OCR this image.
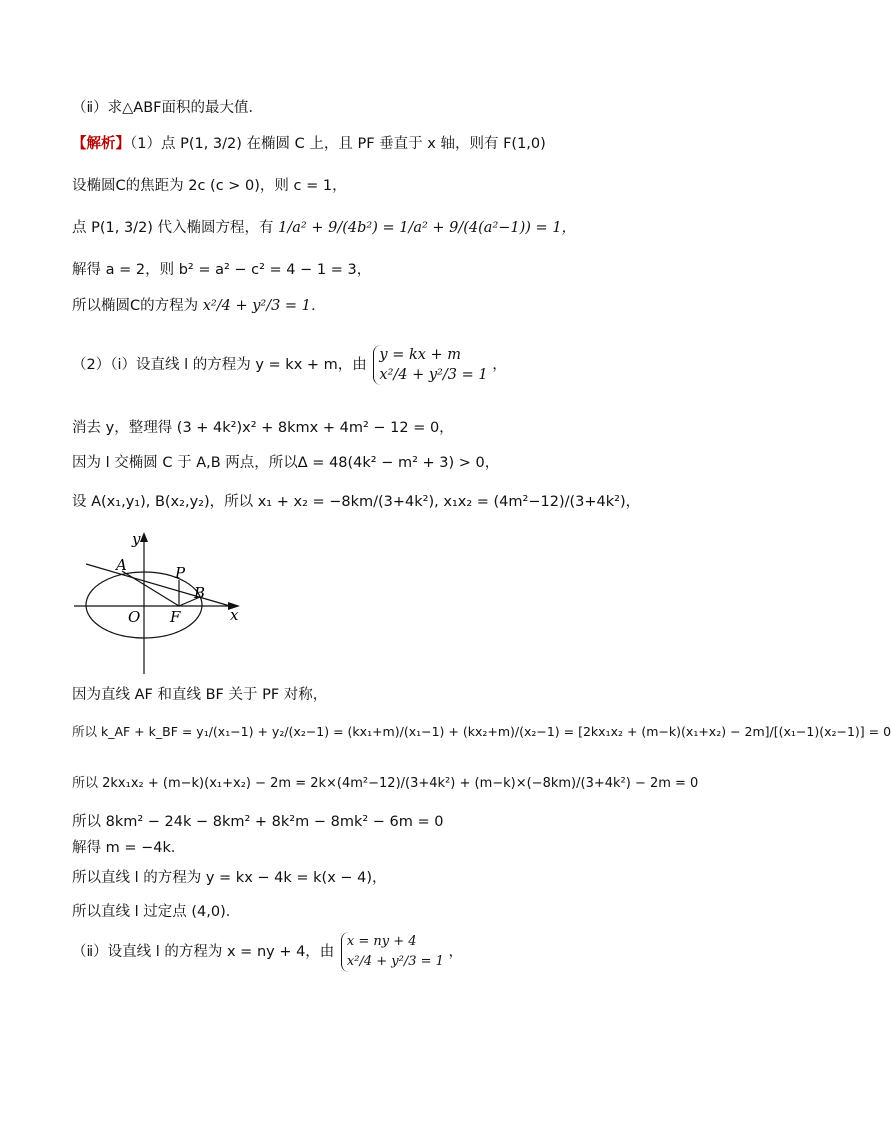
（ⅱ）求△ABF面积的最大值．
【解析】（1）点 P(1, 3/2) 在椭圆 C 上，且 PF 垂直于 x 轴，则有 F(1,0)
设椭圆C的焦距为 2c (c > 0)，则 c = 1，
点 P(1, 3/2) 代入椭圆方程，有 1/a² + 9/(4b²) = 1/a² + 9/(4(a²−1)) = 1，
解得 a = 2，则 b² = a² − c² = 4 − 1 = 3，
所以椭圆C的方程为 x²/4 + y²/3 = 1．
（2）（ⅰ）设直线 l 的方程为 y = kx + m，由
y = kx + m
x²/4 + y²/3 = 1
，
消去 y，整理得 (3 + 4k²)x² + 8kmx + 4m² − 12 = 0，
因为 l 交椭圆 C 于 A,B 两点，所以Δ = 48(4k² − m² + 3) > 0，
设 A(x₁,y₁), B(x₂,y₂)，所以 x₁ + x₂ = −8km/(3+4k²), x₁x₂ = (4m²−12)/(3+4k²)，
y
x
A	P
B
O F
因为直线 AF 和直线 BF 关于 PF 对称，
所以 k_AF + k_BF = y₁/(x₁−1) + y₂/(x₂−1) = (kx₁+m)/(x₁−1) + (kx₂+m)/(x₂−1) = [2kx₁x₂ + (m−k)(x₁+x₂) − 2m]/[(x₁−1)(x₂−1)] = 0
所以 2kx₁x₂ + (m−k)(x₁+x₂) − 2m = 2k×(4m²−12)/(3+4k²) + (m−k)×(−8km)/(3+4k²) − 2m = 0
所以 8km² − 24k − 8km² + 8k²m − 8mk² − 6m = 0
解得 m = −4k．
所以直线 l 的方程为 y = kx − 4k = k(x − 4)，
所以直线 l 过定点 (4,0)．
（ⅱ）设直线 l 的方程为 x = ny + 4，由
x = ny + 4
x²/4 + y²/3 = 1
，
